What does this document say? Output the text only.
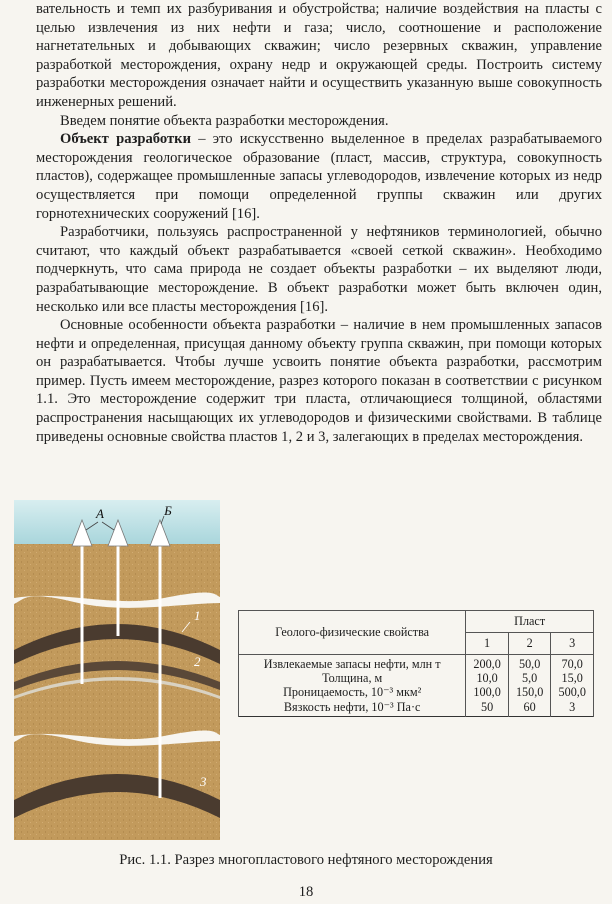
вательность и темп их разбуривания и обустройства; наличие воздействия на пласты с целью извлечения из них нефти и газа; число, соотношение и расположение нагнетательных и добывающих скважин; число резервных скважин, управление разработкой месторождения, охрану недр и окружающей среды. Построить систему разработки месторождения означает найти и осуществить указанную выше совокупность инженерных решений.

Введем понятие объекта разработки месторождения.

Объект разработки – это искусственно выделенное в пределах разрабатываемого месторождения геологическое образование (пласт, массив, структура, совокупность пластов), содержащее промышленные запасы углеводородов, извлечение которых из недр осуществляется при помощи определенной группы скважин или других горнотехнических сооружений [16].

Разработчики, пользуясь распространенной у нефтяников терминологией, обычно считают, что каждый объект разрабатывается «своей сеткой скважин». Необходимо подчеркнуть, что сама природа не создает объекты разработки – их выделяют люди, разрабатывающие месторождение. В объект разработки может быть включен один, несколько или все пласты месторождения [16].

Основные особенности объекта разработки – наличие в нем промышленных запасов нефти и определенная, присущая данному объекту группа скважин, при помощи которых он разрабатывается. Чтобы лучше усвоить понятие объекта разработки, рассмотрим пример. Пусть имеем месторождение, разрез которого показан в соответствии с рисунком 1.1. Это месторождение содержит три пласта, отличающиеся толщиной, областями распространения насыщающих их углеводородов и физическими свойствами. В таблице приведены основные свойства пластов 1, 2 и 3, залегающих в пределах месторождения.

А	Б
1
2
3
Геолого-физические свойства	Пласт		
	1	2	3
Извлекаемые запасы нефти, млн т	200,0	50,0	70,0
Толщина, м	10,0	5,0	15,0
Проницаемость, 10⁻³ мкм²	100,0	150,0	500,0
Вязкость нефти, 10⁻³ Па·с	50	60	3
Рис. 1.1. Разрез многопластового нефтяного месторождения
18
